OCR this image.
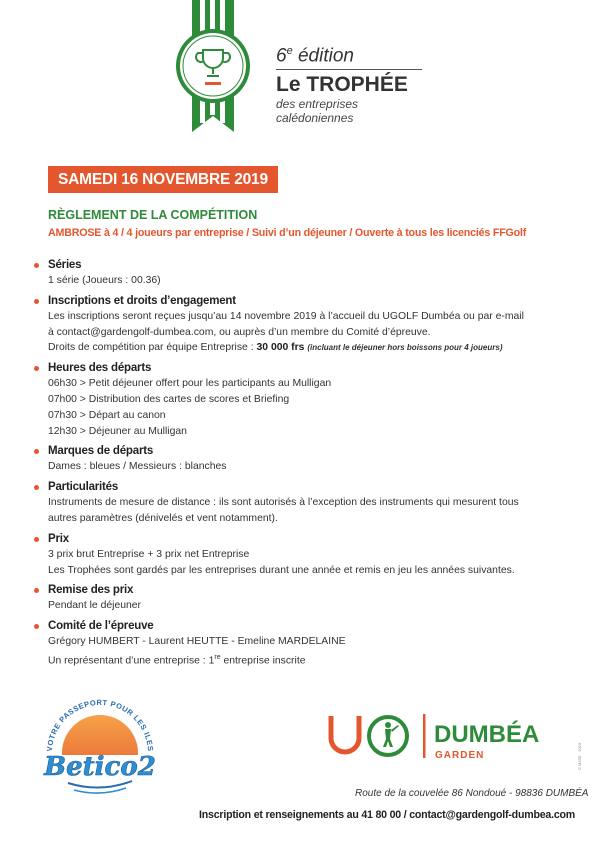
6e édition
Le TROPHÉE
des entreprises calédoniennes
SAMEDI 16 NOVEMBRE 2019
RÈGLEMENT DE LA COMPÉTITION
AMBROSE à 4 / 4 joueurs par entreprise / Suivi d’un déjeuner / Ouverte à tous les licenciés FFGolf
Séries
1 série (Joueurs : 00.36)
Inscriptions et droits d’engagement
Les inscriptions seront reçues jusqu’au 14 novembre 2019 à l’accueil du UGOLF Dumbéa ou par e-mail
à contact@gardengolf-dumbea.com, ou auprès d’un membre du Comité d’épreuve.
Droits de compétition par équipe Entreprise : 30 000 frs (incluant le déjeuner hors boissons pour 4 joueurs)
Heures des départs
06h30 > Petit déjeuner offert pour les participants au Mulligan
07h00 > Distribution des cartes de scores et Briefing
07h30 > Départ au canon
12h30 > Déjeuner au Mulligan
Marques de départs
Dames : bleues / Messieurs : blanches
Particularités
Instruments de mesure de distance : ils sont autorisés à l’exception des instruments qui mesurent tous
autres paramètres (dénivelés et vent notamment).
Prix
3 prix brut Entreprise + 3 prix net Entreprise
Les Trophées sont gardés par les entreprises durant une année et remis en jeu les années suivantes.
Remise des prix
Pendant le déjeuner
Comité de l’épreuve
Grégory HUMBERT - Laurent HEUTTE - Emeline MARDELAINE
Un représentant d’une entreprise : 1re entreprise inscrite
VOTRE PASSEPORT POUR LES ILES
Betico2
DUMBÉA
GARDEN
Route de la couvelée 86 Nondoué - 98836 DUMBÉA
Inscription et renseignements au 41 80 00 / contact@gardengolf-dumbea.com
© MJSE · 2019
